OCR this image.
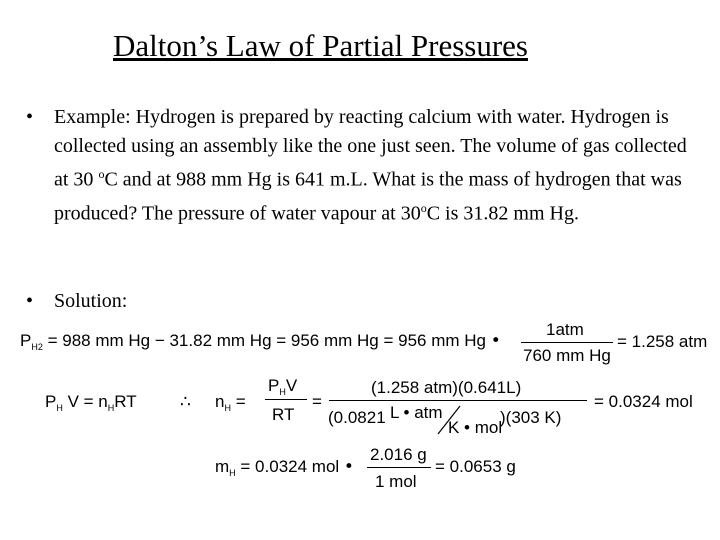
Dalton’s Law of Partial Pressures
• Example: Hydrogen is prepared by reacting calcium with water. Hydrogen is collected using an assembly like the one just seen. The volume of gas collected at 30 $^o$C and at 988 mm Hg is 641 m.L. What is the mass of hydrogen that was produced? The pressure of water vapour at 30$^o$C is 31.82 mm Hg.
• Solution:
$P_{H2} = 988$ mm Hg − 31.82 mm Hg = 956 mm Hg = 956 mm Hg •
1atm
760 mm Hg
= 1.258 atm
$P_H$ $V = n_HRT$	∴ $n_H$ =
$P_HV$
RT
=
(1.258 atm)(0.641L)
(0.0821 L • atm
K • mol
)(303 K)
= 0.0324 mol
$m_H = 0.0324$ mol •
2.016 g
1 mol
= 0.0653 g
